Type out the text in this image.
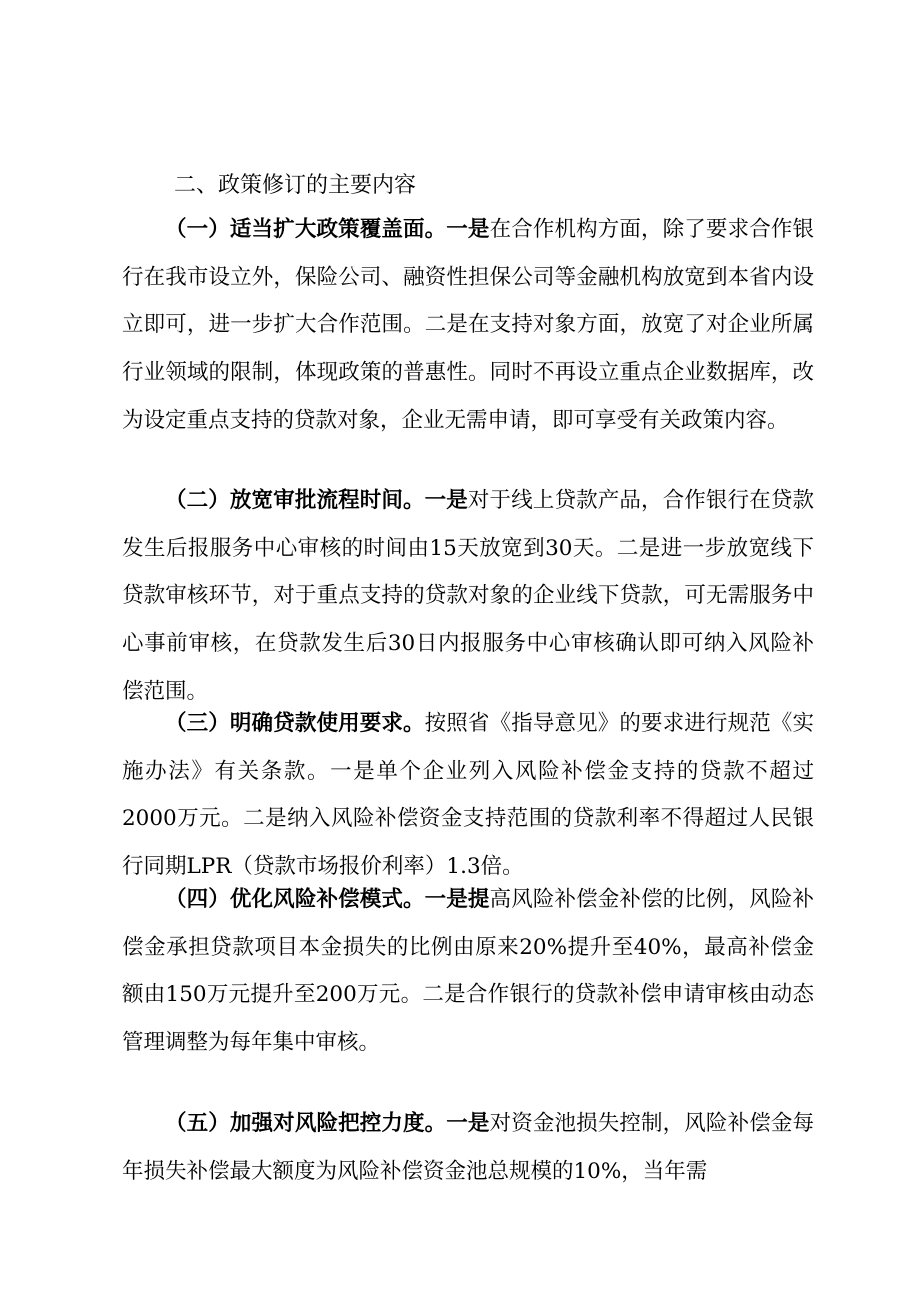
二、政策修订的主要内容

（一）适当扩大政策覆盖面。一是在合作机构方面，除了要求合作银行在我市设立外，保险公司、融资性担保公司等金融机构放宽到本省内设立即可，进一步扩大合作范围。二是在支持对象方面，放宽了对企业所属行业领域的限制，体现政策的普惠性。同时不再设立重点企业数据库，改为设定重点支持的贷款对象，企业无需申请，即可享受有关政策内容。

（二）放宽审批流程时间。一是对于线上贷款产品，合作银行在贷款发生后报服务中心审核的时间由15天放宽到30天。二是进一步放宽线下贷款审核环节，对于重点支持的贷款对象的企业线下贷款，可无需服务中心事前审核，在贷款发生后30日内报服务中心审核确认即可纳入风险补偿范围。

（三）明确贷款使用要求。按照省《指导意见》的要求进行规范《实施办法》有关条款。一是单个企业列入风险补偿金支持的贷款不超过2000万元。二是纳入风险补偿资金支持范围的贷款利率不得超过人民银行同期LPR（贷款市场报价利率）1.3倍。

（四）优化风险补偿模式。一是提高风险补偿金补偿的比例，风险补偿金承担贷款项目本金损失的比例由原来20%提升至40%，最高补偿金额由150万元提升至200万元。二是合作银行的贷款补偿申请审核由动态管理调整为每年集中审核。

（五）加强对风险把控力度。一是对资金池损失控制，风险补偿金每年损失补偿最大额度为风险补偿资金池总规模的10%，当年需
